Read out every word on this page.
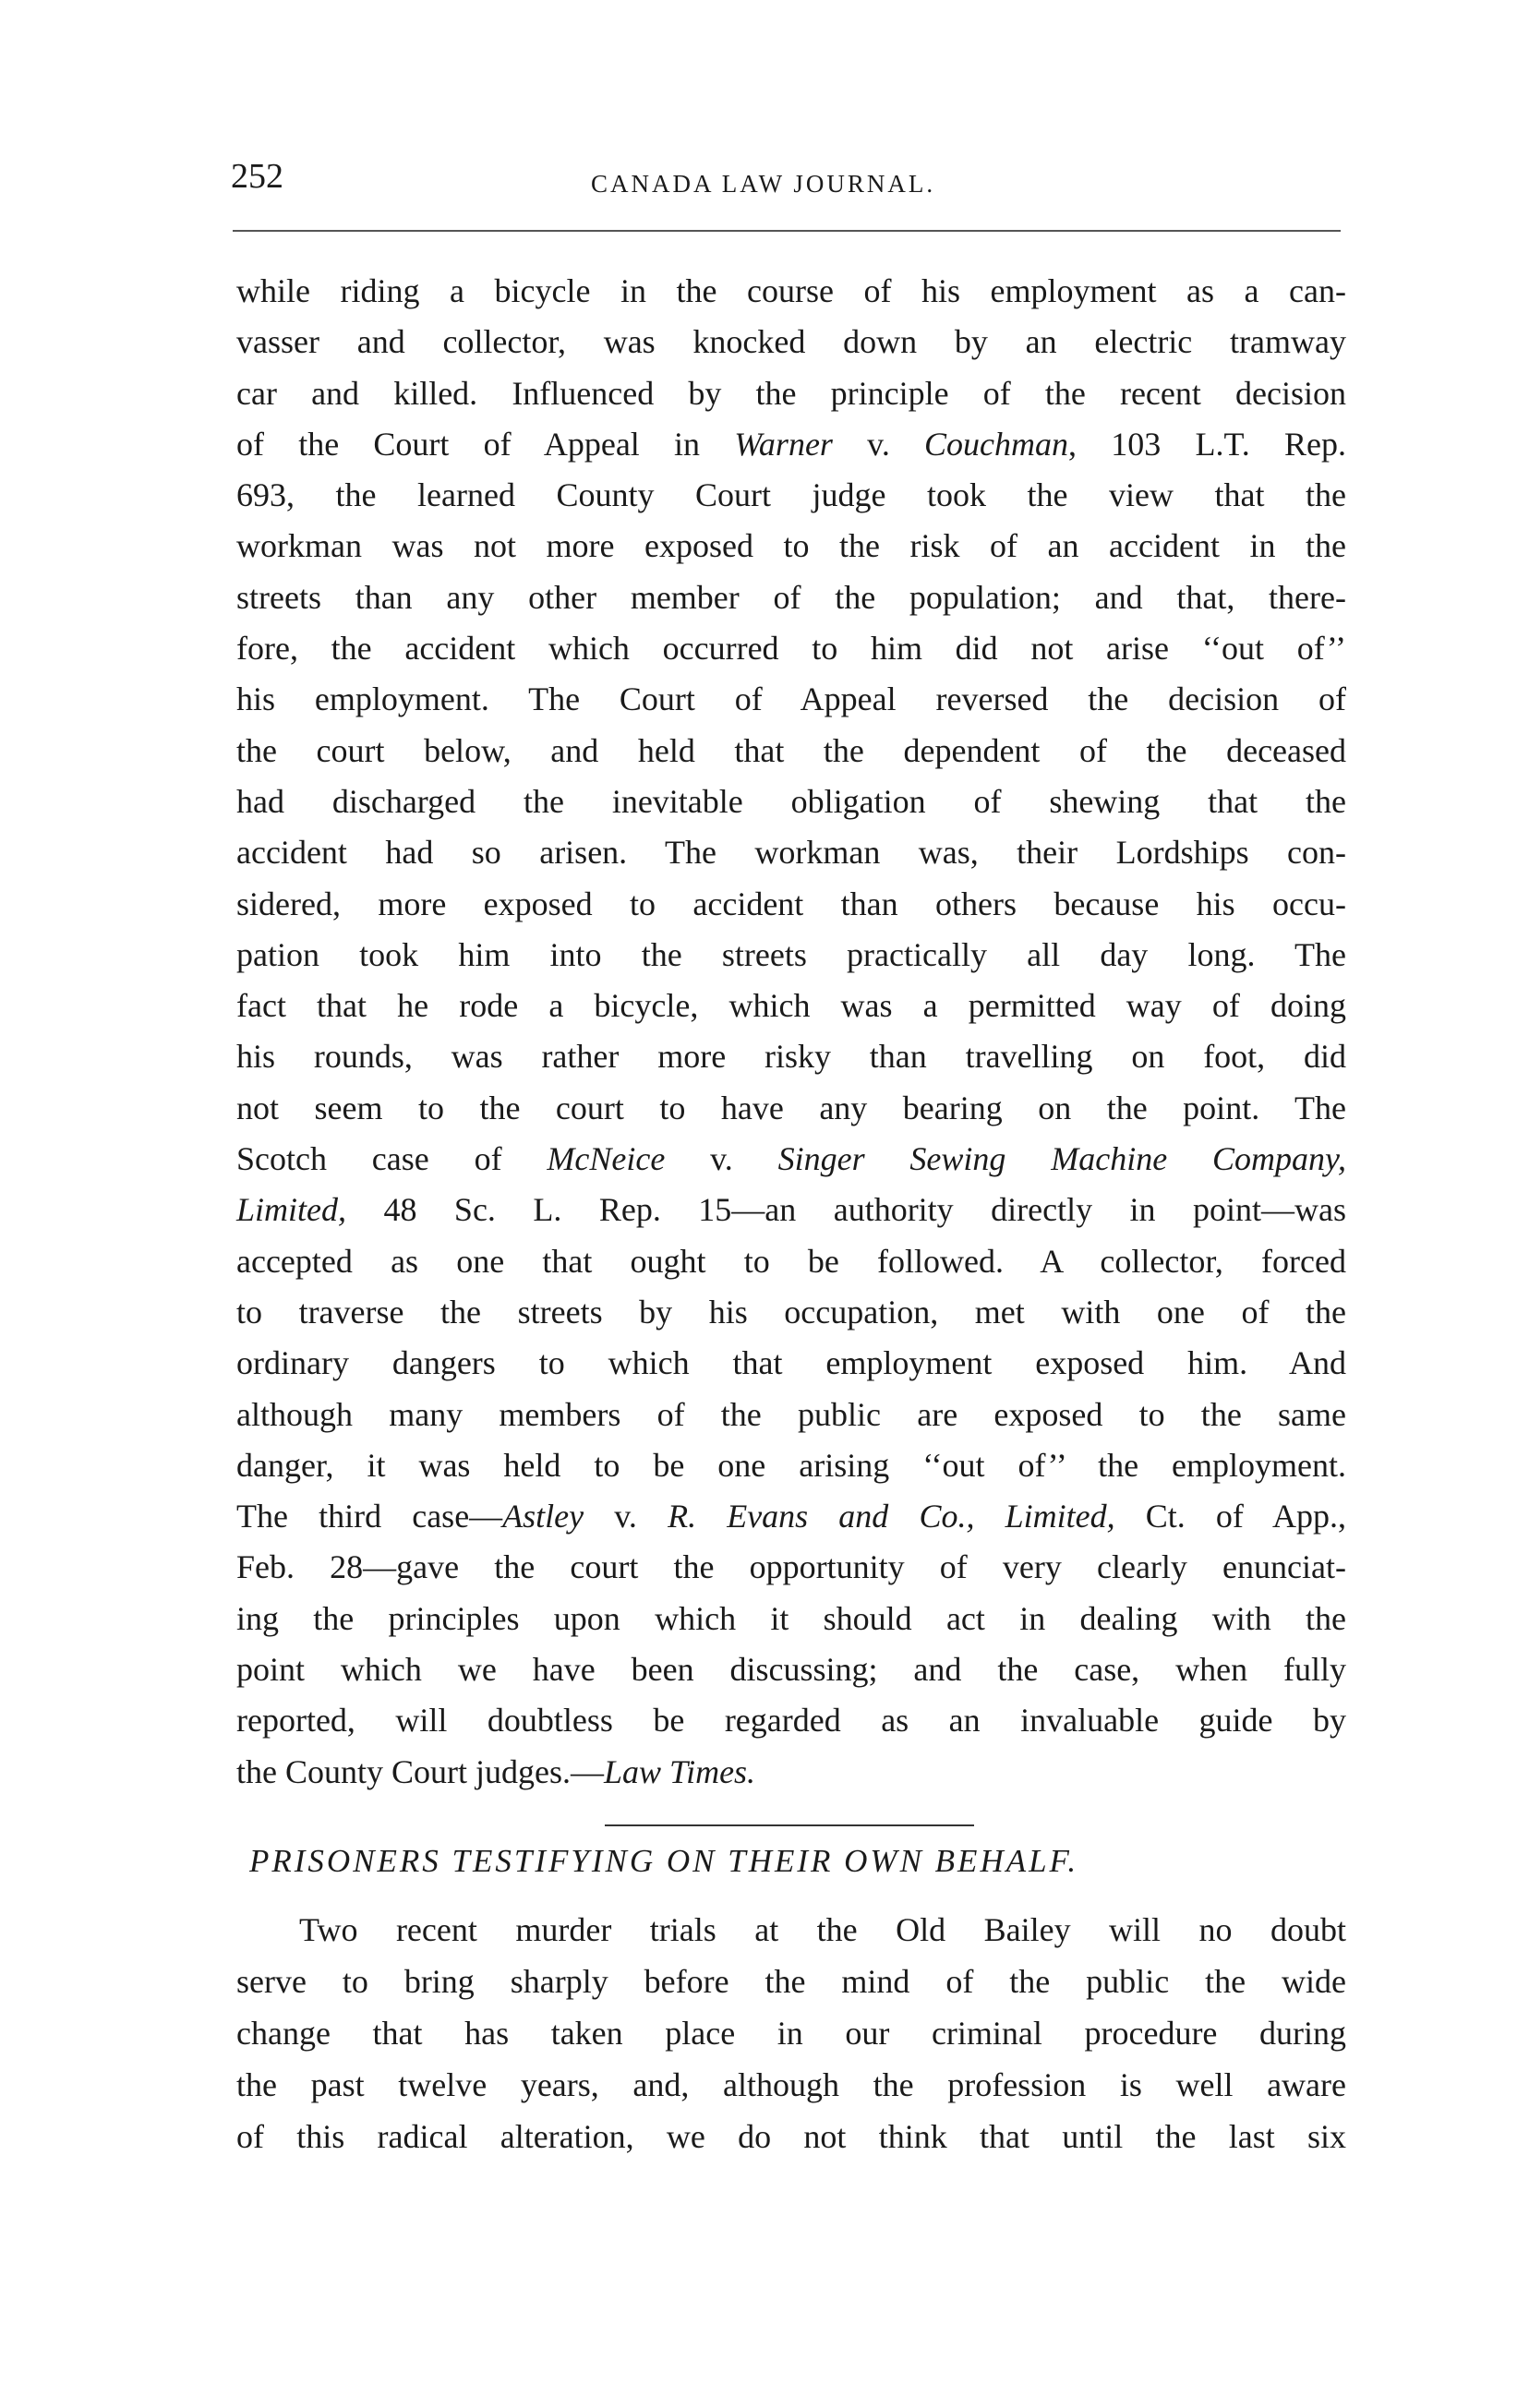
252	CANADA LAW JOURNAL.

while riding a bicycle in the course of his employment as a can-
vasser and collector, was knocked down by an electric tramway
car and killed. Influenced by the principle of the recent decision
of the Court of Appeal in Warner v. Couchman, 103 L.T. Rep.
693, the learned County Court judge took the view that the
workman was not more exposed to the risk of an accident in the
streets than any other member of the population; and that, there-
fore, the accident which occurred to him did not arise ‘‘out of’’
his employment. The Court of Appeal reversed the decision of
the court below, and held that the dependent of the deceased
had discharged the inevitable obligation of shewing that the
accident had so arisen. The workman was, their Lordships con-
sidered, more exposed to accident than others because his occu-
pation took him into the streets practically all day long. The
fact that he rode a bicycle, which was a permitted way of doing
his rounds, was rather more risky than travelling on foot, did
not seem to the court to have any bearing on the point. The
Scotch case of McNeice v. Singer Sewing Machine Company,
Limited, 48 Sc. L. Rep. 15—an authority directly in point—was
accepted as one that ought to be followed. A collector, forced
to traverse the streets by his occupation, met with one of the
ordinary dangers to which that employment exposed him. And
although many members of the public are exposed to the same
danger, it was held to be one arising ‘‘out of’’ the employment.
The third case—Astley v. R. Evans and Co., Limited, Ct. of App.,
Feb. 28—gave the court the opportunity of very clearly enunciat-
ing the principles upon which it should act in dealing with the
point which we have been discussing; and the case, when fully
reported, will doubtless be regarded as an invaluable guide by
the County Court judges.—Law Times.

PRISONERS TESTIFYING ON THEIR OWN BEHALF.

Two recent murder trials at the Old Bailey will no doubt
serve to bring sharply before the mind of the public the wide
change that has taken place in our criminal procedure during
the past twelve years, and, although the profession is well aware
of this radical alteration, we do not think that until the last six
